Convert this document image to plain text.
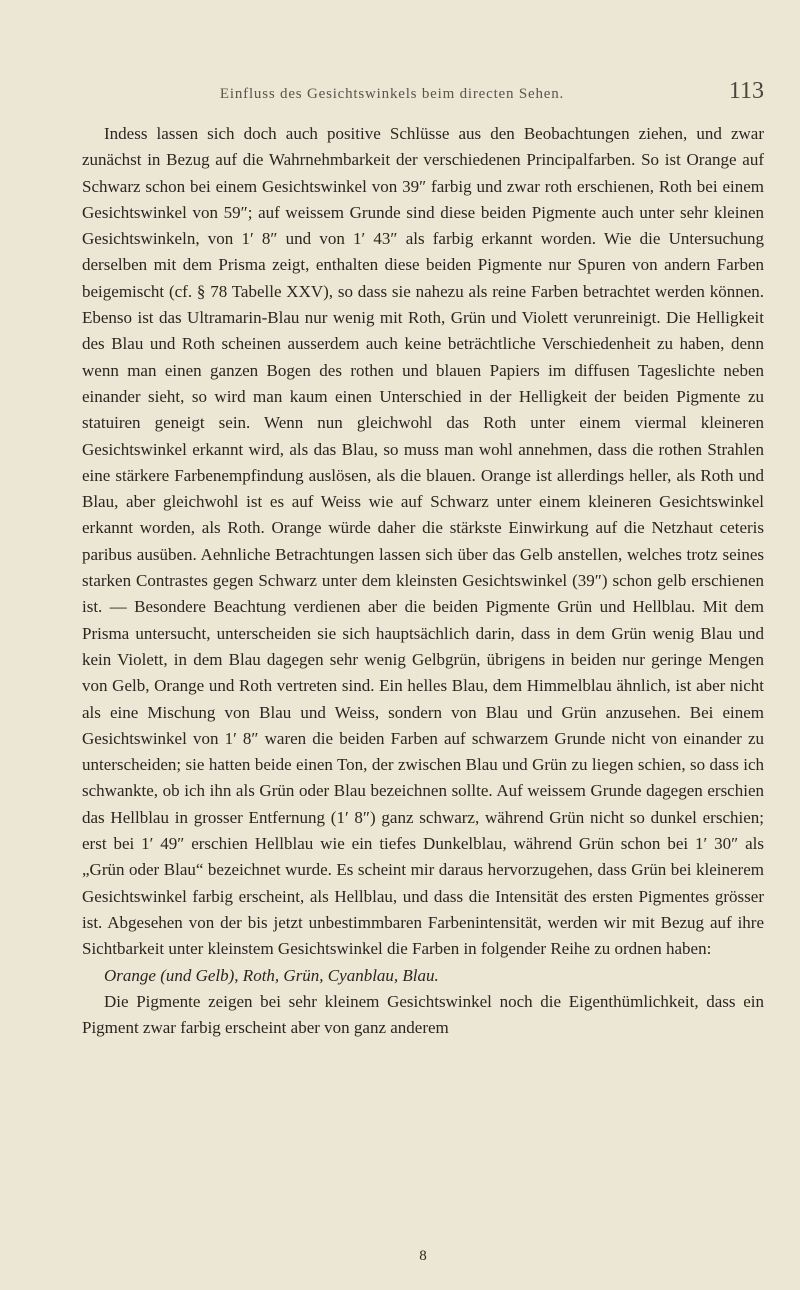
Einfluss des Gesichtswinkels beim directen Sehen.	113

Indess lassen sich doch auch positive Schlüsse aus den Beobachtungen ziehen, und zwar zunächst in Bezug auf die Wahrnehmbarkeit der verschiedenen Principalfarben. So ist Orange auf Schwarz schon bei einem Gesichtswinkel von 39″ farbig und zwar roth erschienen, Roth bei einem Gesichtswinkel von 59″; auf weissem Grunde sind diese beiden Pigmente auch unter sehr kleinen Gesichtswinkeln, von 1′ 8″ und von 1′ 43″ als farbig erkannt worden. Wie die Untersuchung derselben mit dem Prisma zeigt, enthalten diese beiden Pigmente nur Spuren von andern Farben beigemischt (cf. § 78 Tabelle XXV), so dass sie nahezu als reine Farben betrachtet werden können. Ebenso ist das Ultramarin-Blau nur wenig mit Roth, Grün und Violett verunreinigt. Die Helligkeit des Blau und Roth scheinen ausserdem auch keine beträchtliche Verschiedenheit zu haben, denn wenn man einen ganzen Bogen des rothen und blauen Papiers im diffusen Tageslichte neben einander sieht, so wird man kaum einen Unterschied in der Helligkeit der beiden Pigmente zu statuiren geneigt sein. Wenn nun gleichwohl das Roth unter einem viermal kleineren Gesichtswinkel erkannt wird, als das Blau, so muss man wohl annehmen, dass die rothen Strahlen eine stärkere Farbenempfindung auslösen, als die blauen. Orange ist allerdings heller, als Roth und Blau, aber gleichwohl ist es auf Weiss wie auf Schwarz unter einem kleineren Gesichtswinkel erkannt worden, als Roth. Orange würde daher die stärkste Einwirkung auf die Netzhaut ceteris paribus ausüben. Aehnliche Betrachtungen lassen sich über das Gelb anstellen, welches trotz seines starken Contrastes gegen Schwarz unter dem kleinsten Gesichtswinkel (39″) schon gelb erschienen ist. — Besondere Beachtung verdienen aber die beiden Pigmente Grün und Hellblau. Mit dem Prisma untersucht, unterscheiden sie sich hauptsächlich darin, dass in dem Grün wenig Blau und kein Violett, in dem Blau dagegen sehr wenig Gelbgrün, übrigens in beiden nur geringe Mengen von Gelb, Orange und Roth vertreten sind. Ein helles Blau, dem Himmelblau ähnlich, ist aber nicht als eine Mischung von Blau und Weiss, sondern von Blau und Grün anzusehen. Bei einem Gesichtswinkel von 1′ 8″ waren die beiden Farben auf schwarzem Grunde nicht von einander zu unterscheiden; sie hatten beide einen Ton, der zwischen Blau und Grün zu liegen schien, so dass ich schwankte, ob ich ihn als Grün oder Blau bezeichnen sollte. Auf weissem Grunde dagegen erschien das Hellblau in grosser Entfernung (1′ 8″) ganz schwarz, während Grün nicht so dunkel erschien; erst bei 1′ 49″ erschien Hellblau wie ein tiefes Dunkelblau, während Grün schon bei 1′ 30″ als „Grün oder Blau“ bezeichnet wurde. Es scheint mir daraus hervorzugehen, dass Grün bei kleinerem Gesichtswinkel farbig erscheint, als Hellblau, und dass die Intensität des ersten Pigmentes grösser ist. Abgesehen von der bis jetzt unbestimmbaren Farbenintensität, werden wir mit Bezug auf ihre Sichtbarkeit unter kleinstem Gesichtswinkel die Farben in folgender Reihe zu ordnen haben:

Orange (und Gelb), Roth, Grün, Cyanblau, Blau.

Die Pigmente zeigen bei sehr kleinem Gesichtswinkel noch die Eigenthümlichkeit, dass ein Pigment zwar farbig erscheint aber von ganz anderem

8
